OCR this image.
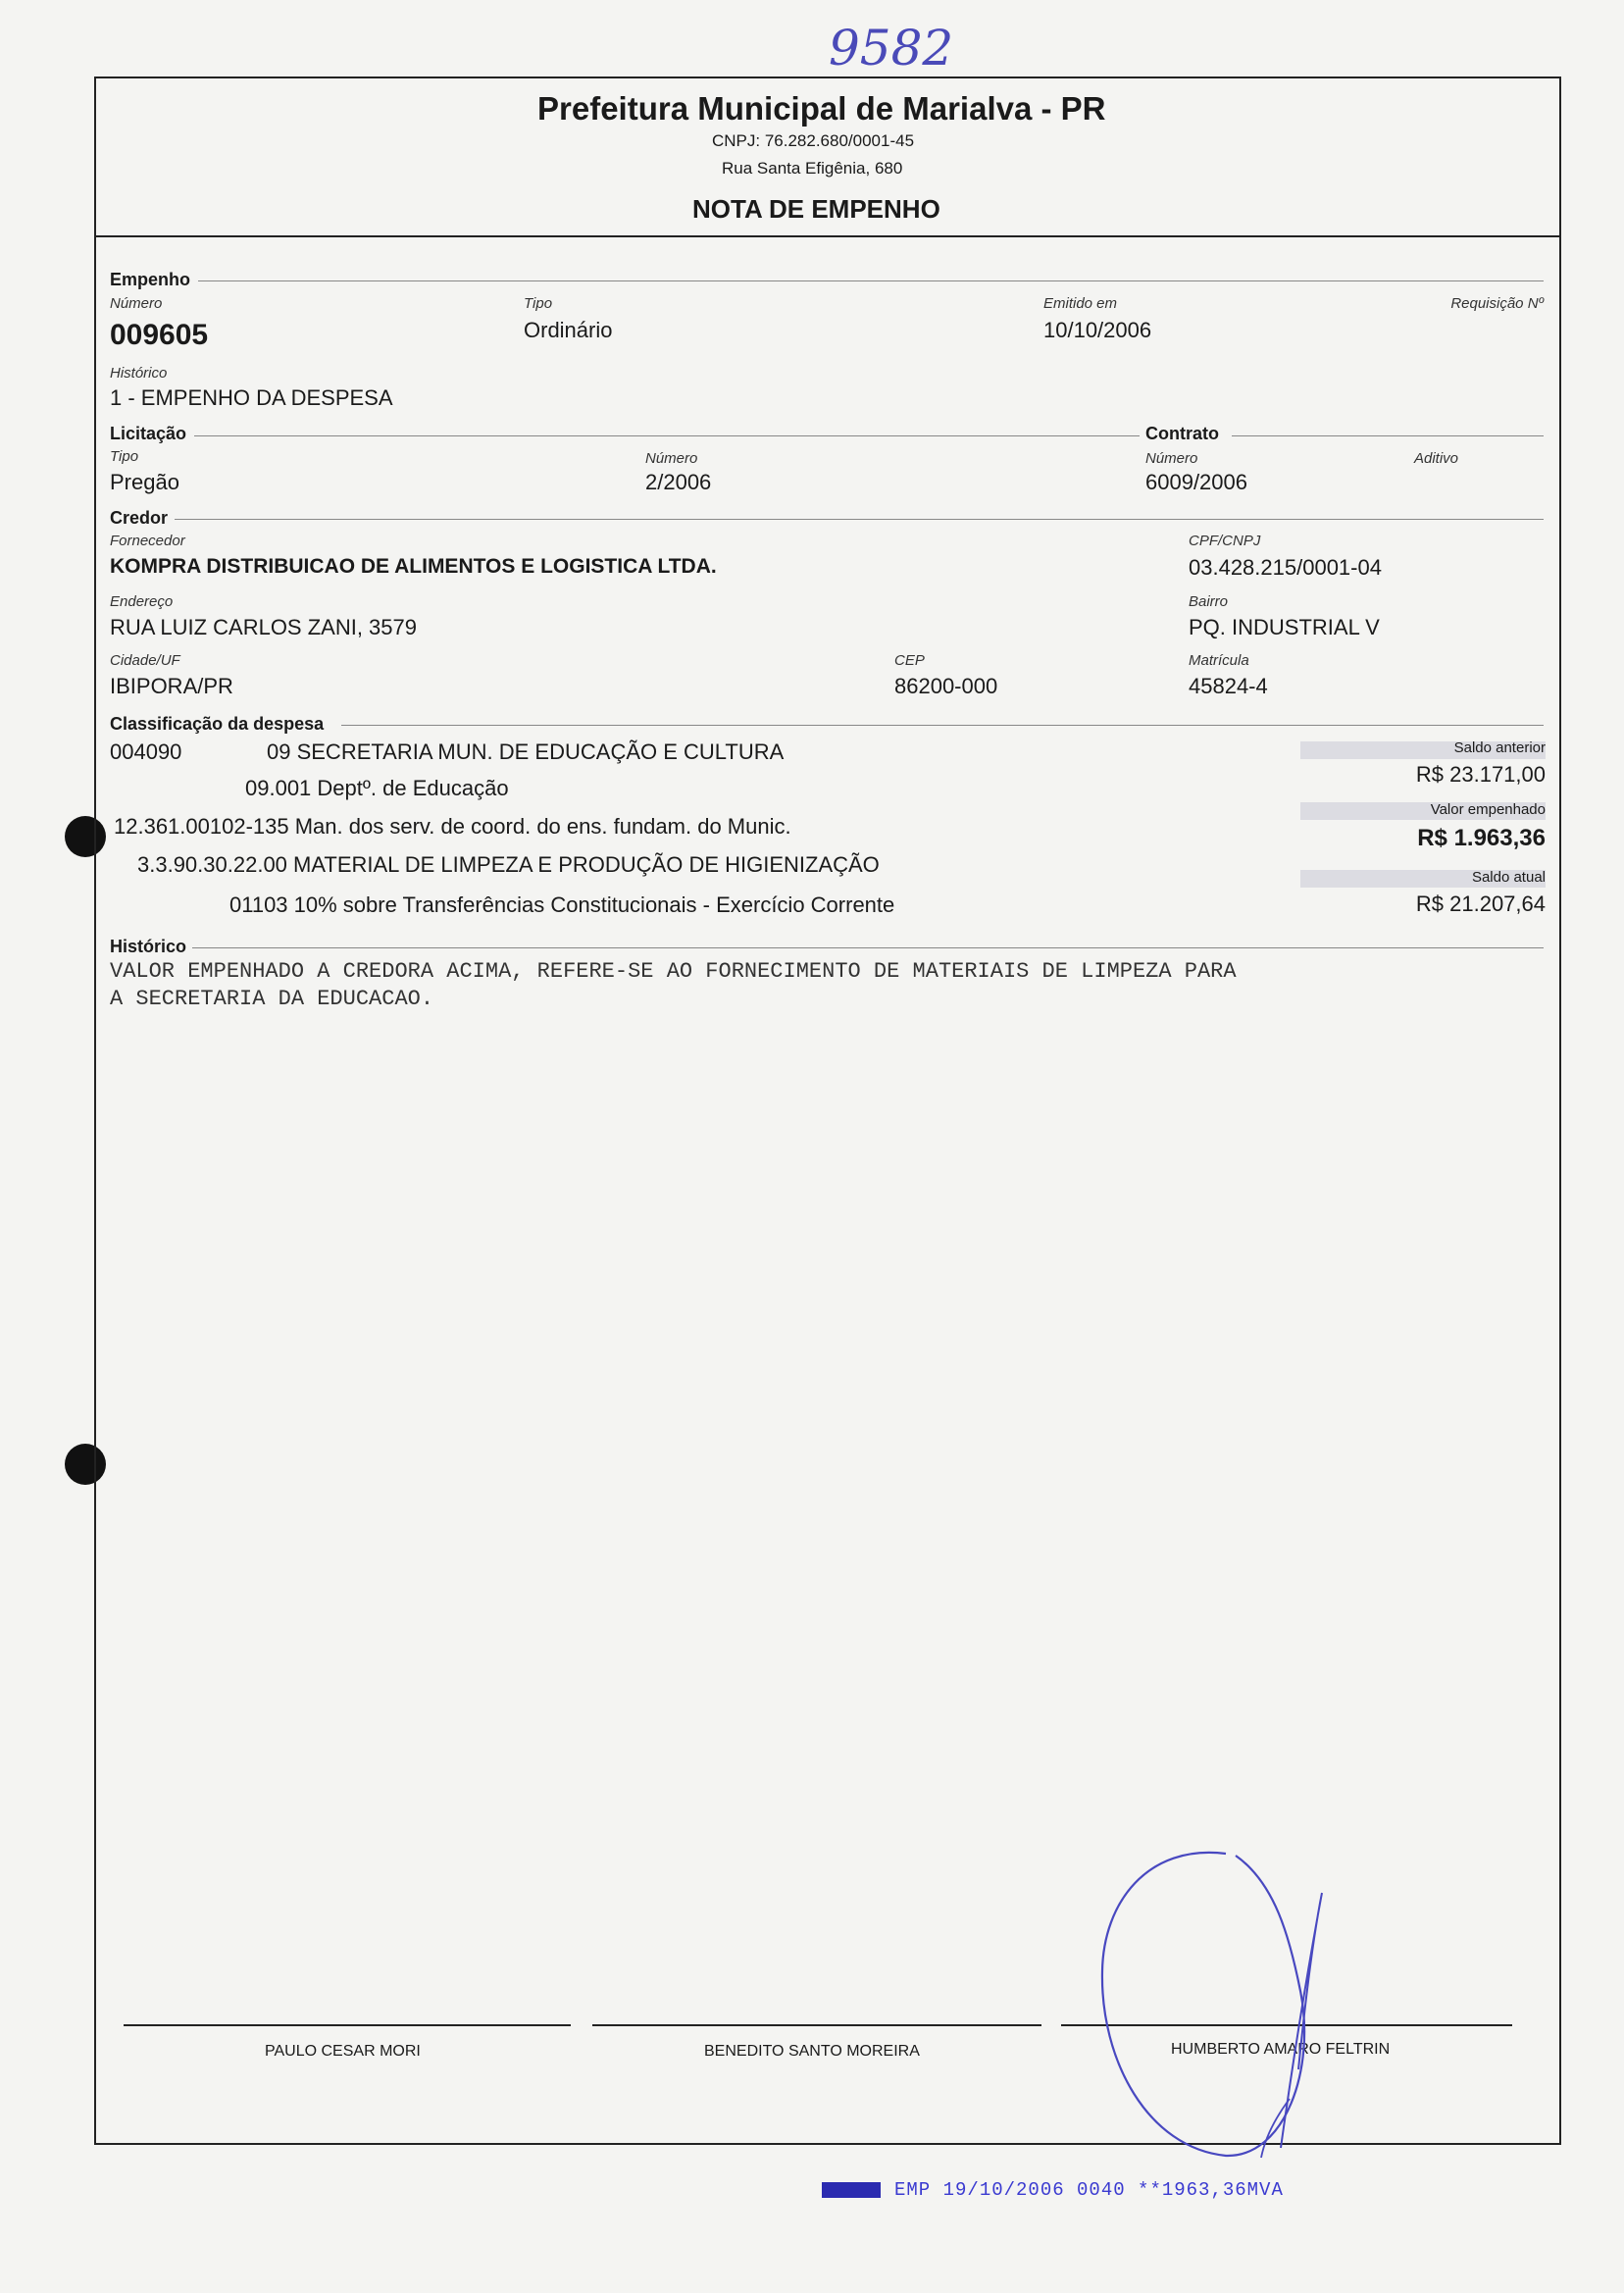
9582
Prefeitura Municipal de Marialva - PR
CNPJ: 76.282.680/0001-45
Rua Santa Efigênia, 680
NOTA DE EMPENHO
Empenho
Número
009605
Tipo
Ordinário
Emitido em
10/10/2006
Requisição Nº
Histórico
1 - EMPENHO DA DESPESA
Licitação	Contrato
Tipo
Pregão
Número
2/2006
Número
6009/2006
Aditivo
Credor
Fornecedor
KOMPRA DISTRIBUICAO DE ALIMENTOS E LOGISTICA LTDA.
CPF/CNPJ
03.428.215/0001-04
Endereço
RUA LUIZ CARLOS ZANI, 3579
Bairro
PQ. INDUSTRIAL V
Cidade/UF
IBIPORA/PR
CEP
86200-000
Matrícula
45824-4
Classificação da despesa
004090	09 SECRETARIA MUN. DE EDUCAÇÃO E CULTURA
09.001 Deptº. de Educação
12.361.00102-135 Man. dos serv. de coord. do ens. fundam. do Munic.
3.3.90.30.22.00 MATERIAL DE LIMPEZA E PRODUÇÃO DE HIGIENIZAÇÃO
01103 10% sobre Transferências Constitucionais - Exercício Corrente
Saldo anterior
R$ 23.171,00
Valor empenhado
R$ 1.963,36
Saldo atual
R$ 21.207,64
Histórico
VALOR EMPENHADO A CREDORA ACIMA, REFERE-SE AO FORNECIMENTO DE MATERIAIS DE LIMPEZA PARA
A SECRETARIA DA EDUCACAO.
PAULO CESAR MORI	BENEDITO SANTO MOREIRA	HUMBERTO AMARO FELTRIN
EMP 19/10/2006 0040 **1963,36MVA
